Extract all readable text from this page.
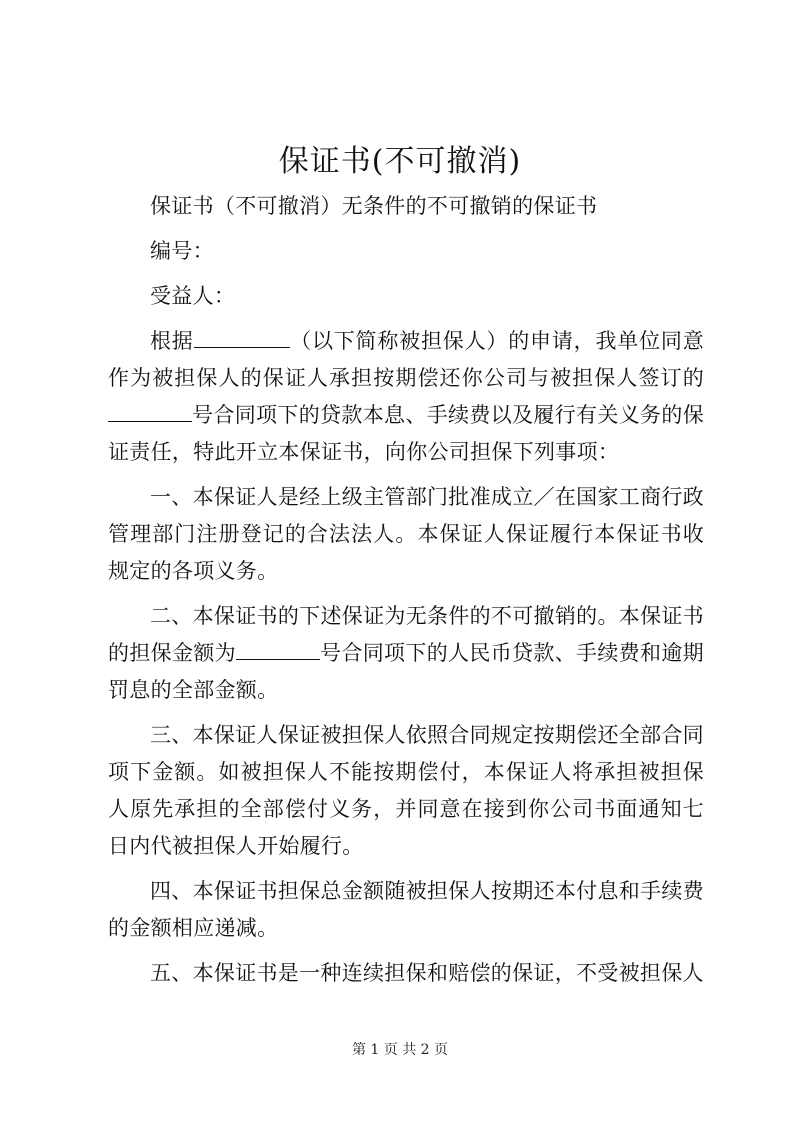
保证书(不可撤消)

保证书（不可撤消）无条件的不可撤销的保证书

编号：

受益人：

根据	（以下简称被担保人）的申请，我单位同意作为被担保人的保证人承担按期偿还你公司与被担保人签订的号合同项下的贷款本息、手续费以及履行有关义务的保证责任，特此开立本保证书，向你公司担保下列事项：

一、本保证人是经上级主管部门批准成立／在国家工商行政管理部门注册登记的合法法人。本保证人保证履行本保证书收规定的各项义务。

二、本保证书的下述保证为无条件的不可撤销的。本保证书的担保金额为	号合同项下的人民币贷款、手续费和逾期罚息的全部金额。

三、本保证人保证被担保人依照合同规定按期偿还全部合同项下金额。如被担保人不能按期偿付，本保证人将承担被担保人原先承担的全部偿付义务，并同意在接到你公司书面通知七日内代被担保人开始履行。

四、本保证书担保总金额随被担保人按期还本付息和手续费的金额相应递减。

五、本保证书是一种连续担保和赔偿的保证，不受被担保人

第 1 页 共 2 页
